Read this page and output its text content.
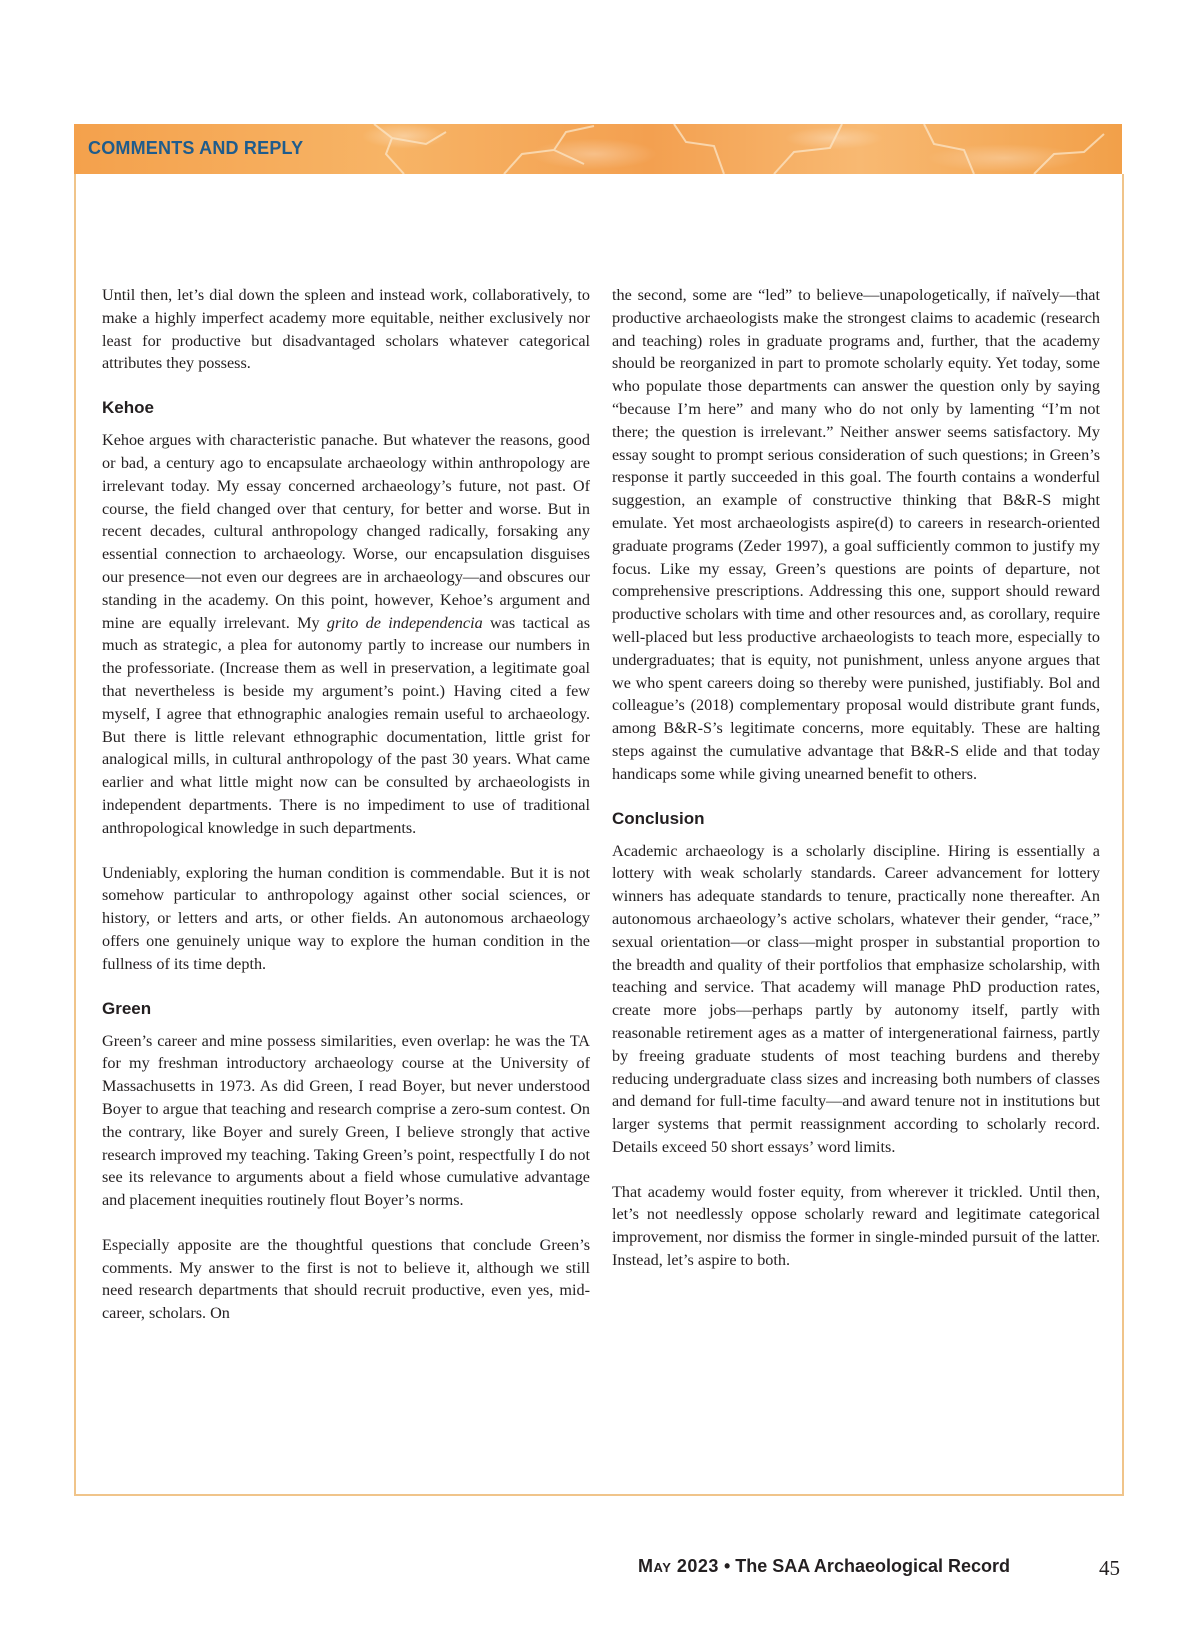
COMMENTS AND REPLY

Until then, let’s dial down the spleen and instead work, collaboratively, to make a highly imperfect academy more equitable, neither exclusively nor least for productive but disadvantaged scholars whatever categorical attributes they possess.

Kehoe

Kehoe argues with characteristic panache. But whatever the reasons, good or bad, a century ago to encapsulate archaeology within anthropology are irrelevant today. My essay concerned archaeology’s future, not past. Of course, the field changed over that century, for better and worse. But in recent decades, cultural anthropology changed radically, forsaking any essential connection to archaeology. Worse, our encapsulation disguises our presence—not even our degrees are in archaeology—and obscures our standing in the academy. On this point, however, Kehoe’s argument and mine are equally irrelevant. My grito de independencia was tactical as much as strategic, a plea for autonomy partly to increase our numbers in the professoriate. (Increase them as well in preservation, a legitimate goal that nevertheless is beside my argument’s point.) Having cited a few myself, I agree that ethnographic analogies remain useful to archaeology. But there is little relevant ethnographic documentation, little grist for analogical mills, in cultural anthropology of the past 30 years. What came earlier and what little might now can be consulted by archaeologists in independent departments. There is no impediment to use of traditional anthropological knowledge in such departments.

Undeniably, exploring the human condition is commendable. But it is not somehow particular to anthropology against other social sciences, or history, or letters and arts, or other fields. An autonomous archaeology offers one genuinely unique way to explore the human condition in the fullness of its time depth.

Green

Green’s career and mine possess similarities, even overlap: he was the TA for my freshman introductory archaeology course at the University of Massachusetts in 1973. As did Green, I read Boyer, but never understood Boyer to argue that teaching and research comprise a zero-sum contest. On the contrary, like Boyer and surely Green, I believe strongly that active research improved my teaching. Taking Green’s point, respectfully I do not see its relevance to arguments about a field whose cumulative advantage and placement inequities routinely flout Boyer’s norms.

Especially apposite are the thoughtful questions that conclude Green’s comments. My answer to the first is not to believe it, although we still need research departments that should recruit productive, even yes, mid-career, scholars. On

the second, some are “led” to believe—unapologetically, if naïvely—that productive archaeologists make the strongest claims to academic (research and teaching) roles in graduate programs and, further, that the academy should be reorganized in part to promote scholarly equity. Yet today, some who populate those departments can answer the question only by saying “because I’m here” and many who do not only by lamenting “I’m not there; the question is irrelevant.” Neither answer seems satisfactory. My essay sought to prompt serious consideration of such questions; in Green’s response it partly succeeded in this goal. The fourth contains a wonderful suggestion, an example of constructive thinking that B&R-S might emulate. Yet most archaeologists aspire(d) to careers in research-oriented graduate programs (Zeder 1997), a goal sufficiently common to justify my focus. Like my essay, Green’s questions are points of departure, not comprehensive prescriptions. Addressing this one, support should reward productive scholars with time and other resources and, as corollary, require well-placed but less productive archaeologists to teach more, especially to undergraduates; that is equity, not punishment, unless anyone argues that we who spent careers doing so thereby were punished, justifiably. Bol and colleague’s (2018) complementary proposal would distribute grant funds, among B&R-S’s legitimate concerns, more equitably. These are halting steps against the cumulative advantage that B&R-S elide and that today handicaps some while giving unearned benefit to others.

Conclusion

Academic archaeology is a scholarly discipline. Hiring is essentially a lottery with weak scholarly standards. Career advancement for lottery winners has adequate standards to tenure, practically none thereafter. An autonomous archaeology’s active scholars, whatever their gender, “race,” sexual orientation—or class—might prosper in substantial proportion to the breadth and quality of their portfolios that emphasize scholarship, with teaching and service. That academy will manage PhD production rates, create more jobs—perhaps partly by autonomy itself, partly with reasonable retirement ages as a matter of intergenerational fairness, partly by freeing graduate students of most teaching burdens and thereby reducing undergraduate class sizes and increasing both numbers of classes and demand for full-time faculty—and award tenure not in institutions but larger systems that permit reassignment according to scholarly record. Details exceed 50 short essays’ word limits.

That academy would foster equity, from wherever it trickled. Until then, let’s not needlessly oppose scholarly reward and legitimate categorical improvement, nor dismiss the former in single-minded pursuit of the latter. Instead, let’s aspire to both.

May 2023 • The SAA Archaeological Record	45
